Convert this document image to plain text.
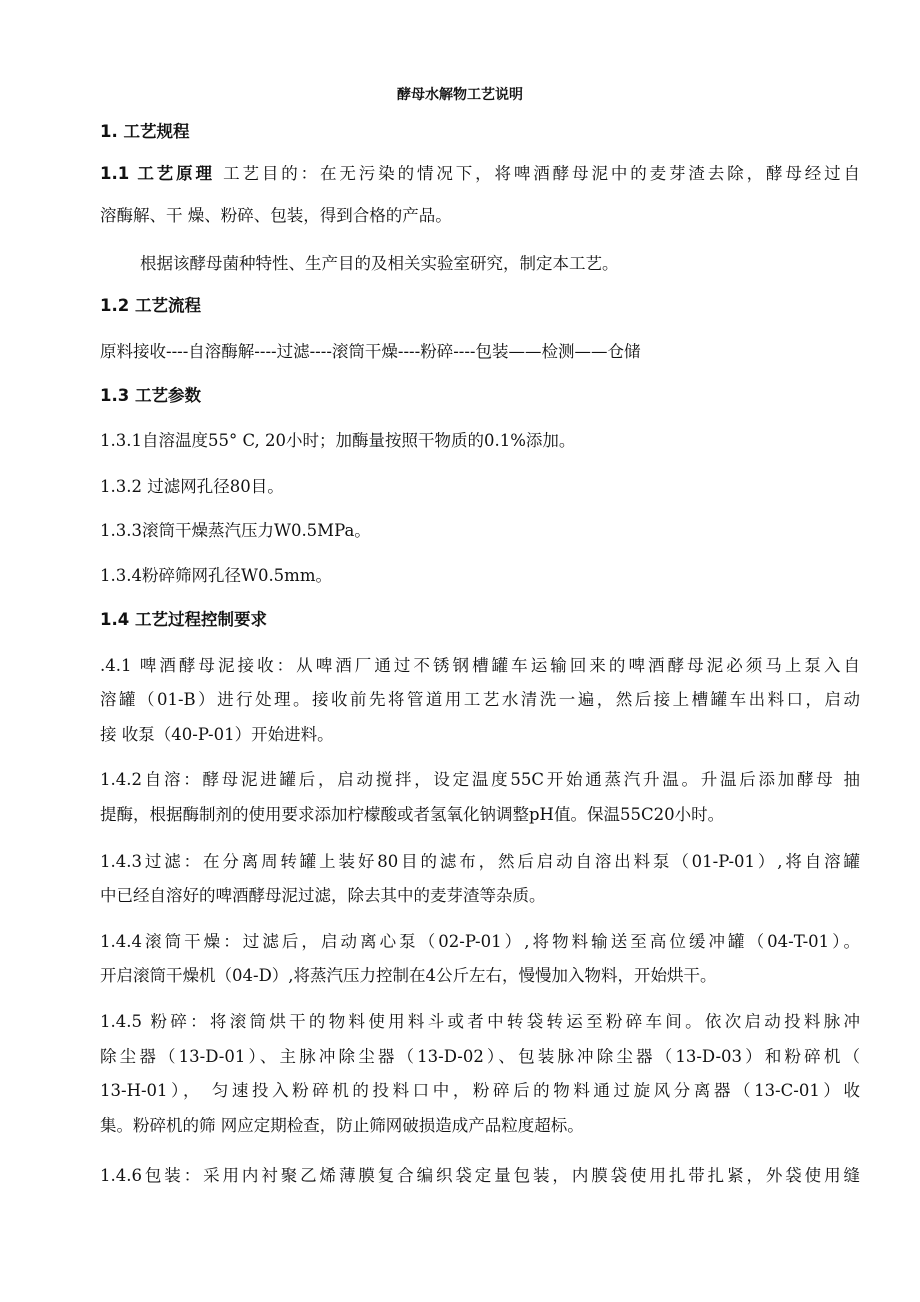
酵母水解物工艺说明
1. 工艺规程
1.1 工艺原理 工艺目的：在无污染的情况下，将啤酒酵母泥中的麦芽渣去除，酵母经过自
溶酶解、干 燥、粉碎、包装，得到合格的产品。
根据该酵母菌种特性、生产目的及相关实验室研究，制定本工艺。
1.2 工艺流程
原料接收----自溶酶解----过滤----滚筒干燥----粉碎----包装——检测——仓储
1.3 工艺参数
1.3.1自溶温度55° C, 20小时；加酶量按照干物质的0.1%添加。
1.3.2 过滤网孔径80目。
1.3.3滚筒干燥蒸汽压力W0.5MPa。
1.3.4粉碎筛网孔径W0.5mm。
1.4 工艺过程控制要求
.4.1 啤酒酵母泥接收：从啤酒厂通过不锈钢槽罐车运输回来的啤酒酵母泥必须马上泵入自
溶罐（01-B）进行处理。接收前先将管道用工艺水清洗一遍，然后接上槽罐车出料口，启动
接 收泵（40-P-01）开始进料。
1.4.2自溶：酵母泥进罐后，启动搅拌，设定温度55C开始通蒸汽升温。升温后添加酵母 抽
提酶，根据酶制剂的使用要求添加柠檬酸或者氢氧化钠调整pH值。保温55C20小时。
1.4.3过滤：在分离周转罐上装好80目的滤布，然后启动自溶出料泵（01-P-01）,将自溶罐
中已经自溶好的啤酒酵母泥过滤，除去其中的麦芽渣等杂质。
1.4.4滚筒干燥：过滤后，启动离心泵（02-P-01）,将物料输送至高位缓冲罐（04-T-01）。
开启滚筒干燥机（04-D）,将蒸汽压力控制在4公斤左右，慢慢加入物料，开始烘干。
1.4.5 粉碎：将滚筒烘干的物料使用料斗或者中转袋转运至粉碎车间。依次启动投料脉冲
除尘器（13-D-01）、主脉冲除尘器（13-D-02）、包装脉冲除尘器（13-D-03）和粉碎机（
13-H-01）， 匀速投入粉碎机的投料口中，粉碎后的物料通过旋风分离器（13-C-01）收
集。粉碎机的筛 网应定期检查，防止筛网破损造成产品粒度超标。
1.4.6包装：采用内衬聚乙烯薄膜复合编织袋定量包装，内膜袋使用扎带扎紧，外袋使用缝
